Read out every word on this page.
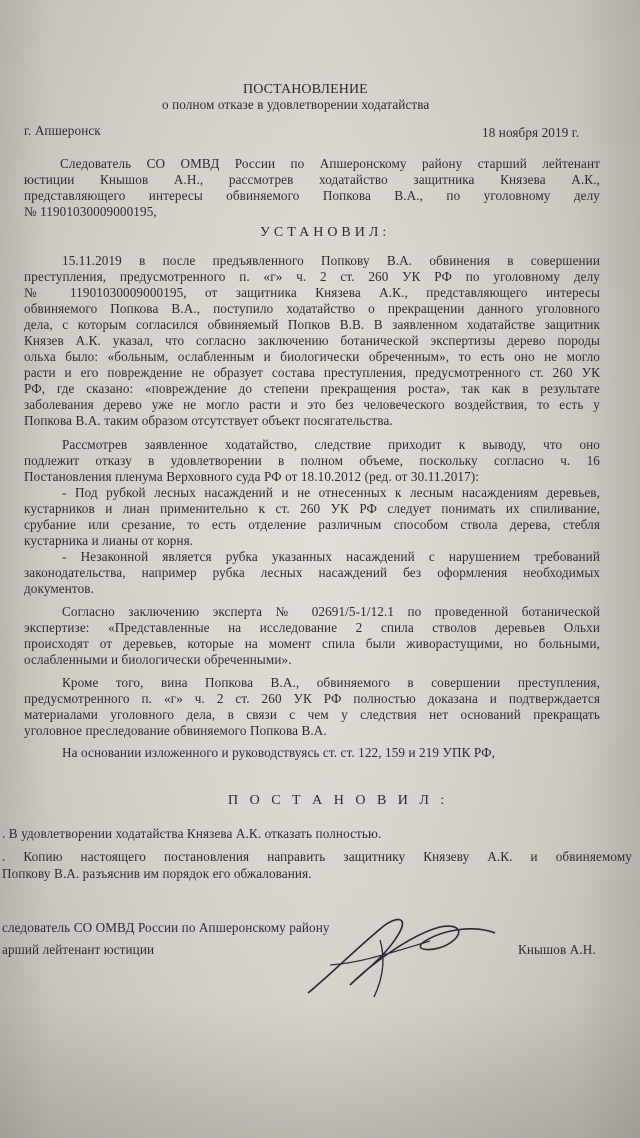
ПОСТАНОВЛЕНИЕ
о полном отказе в удовлетворении ходатайства
г. Апшеронск	18 ноября 2019 г.
Следователь СО ОМВД России по Апшеронскому району старший лейтенант
юстиции Кнышов А.Н., рассмотрев ходатайство защитника Князева А.К.,
представляющего интересы обвиняемого Попкова В.А., по уголовному делу
№ 11901030009000195,
УСТАНОВИЛ:
15.11.2019 в после предъявленного Попкову В.А. обвинения в совершении
преступления, предусмотренного п. «г» ч. 2 ст. 260 УК РФ по уголовному делу
№ 11901030009000195, от защитника Князева А.К., представляющего интересы
обвиняемого Попкова В.А., поступило ходатайство о прекращении данного уголовного
дела, с которым согласился обвиняемый Попков В.В. В заявленном ходатайстве защитник
Князев А.К. указал, что согласно заключению ботанической экспертизы дерево породы
ольха было: «больным, ослабленным и биологически обреченным», то есть оно не могло
расти и его повреждение не образует состава преступления, предусмотренного ст. 260 УК
РФ, где сказано: «повреждение до степени прекращения роста», так как в результате
заболевания дерево уже не могло расти и это без человеческого воздействия, то есть у
Попкова В.А. таким образом отсутствует объект посягательства.
Рассмотрев заявленное ходатайство, следствие приходит к выводу, что оно
подлежит отказу в удовлетворении в полном объеме, поскольку согласно ч. 16
Постановления пленума Верховного суда РФ от 18.10.2012 (ред. от 30.11.2017):
- Под рубкой лесных насаждений и не отнесенных к лесным насаждениям деревьев,
кустарников и лиан применительно к ст. 260 УК РФ следует понимать их спиливание,
срубание или срезание, то есть отделение различным способом ствола дерева, стебля
кустарника и лианы от корня.
- Незаконной является рубка указанных насаждений с нарушением требований
законодательства, например рубка лесных насаждений без оформления необходимых
документов.
Согласно заключению эксперта № 02691/5-1/12.1 по проведенной ботанической
экспертизе: «Представленные на исследование 2 спила стволов деревьев Ольхи
происходят от деревьев, которые на момент спила были живорастущими, но больными,
ослабленными и биологически обреченными».
Кроме того, вина Попкова В.А., обвиняемого в совершении преступления,
предусмотренного п. «г» ч. 2 ст. 260 УК РФ полностью доказана и подтверждается
материалами уголовного дела, в связи с чем у следствия нет оснований прекращать
уголовное преследование обвиняемого Попкова В.А.
На основании изложенного и руководствуясь ст. ст. 122, 159 и 219 УПК РФ,
П О С Т А Н О В И Л :
. В удовлетворении ходатайства Князева А.К. отказать полностью.
. Копию настоящего постановления направить защитнику Князеву А.К. и обвиняемому
Попкову В.А. разъяснив им порядок его обжалования.
следователь СО ОМВД России по Апшеронскому району
арший лейтенант юстиции	Кнышов А.Н.
